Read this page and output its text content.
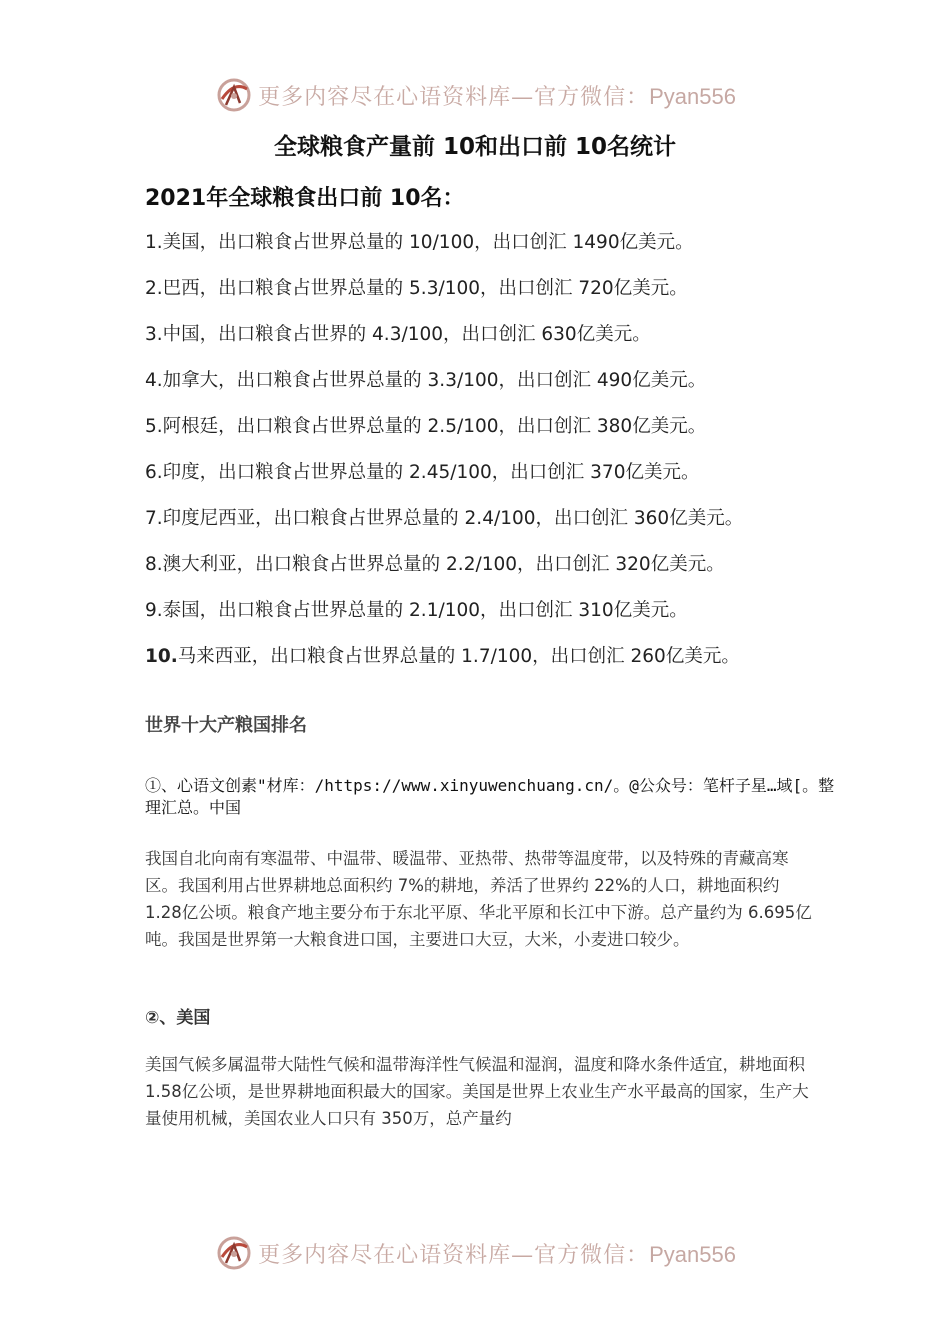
更多内容尽在心语资料库—官方微信：Pyan556
全球粮食产量前 10和出口前 10名统计
2021年全球粮食出口前 10名：
1.美国，出口粮食占世界总量的 10/100，出口创汇 1490亿美元。
2.巴西，出口粮食占世界总量的 5.3/100，出口创汇 720亿美元。
3.中国，出口粮食占世界的 4.3/100，出口创汇 630亿美元。
4.加拿大，出口粮食占世界总量的 3.3/100，出口创汇 490亿美元。
5.阿根廷，出口粮食占世界总量的 2.5/100，出口创汇 380亿美元。
6.印度，出口粮食占世界总量的 2.45/100，出口创汇 370亿美元。
7.印度尼西亚，出口粮食占世界总量的 2.4/100，出口创汇 360亿美元。
8.澳大利亚，出口粮食占世界总量的 2.2/100，出口创汇 320亿美元。
9.泰国，出口粮食占世界总量的 2.1/100，出口创汇 310亿美元。
10.马来西亚，出口粮食占世界总量的 1.7/100，出口创汇 260亿美元。
世界十大产粮国排名
①、心语文创素"材库：/https://www.xinyuwenchuang.cn/。@公众号：笔杆子星…域[。整理汇总。中国

我国自北向南有寒温带、中温带、暖温带、亚热带、热带等温度带，以及特殊的青藏高寒区。我国利用占世界耕地总面积约 7%的耕地，养活了世界约 22%的人口，耕地面积约 1.28亿公顷。粮食产地主要分布于东北平原、华北平原和长江中下游。总产量约为 6.695亿吨。我国是世界第一大粮食进口国，主要进口大豆，大米，小麦进口较少。

②、美国

美国气候多属温带大陆性气候和温带海洋性气候温和湿润，温度和降水条件适宜，耕地面积 1.58亿公顷，是世界耕地面积最大的国家。美国是世界上农业生产水平最高的国家，生产大量使用机械，美国农业人口只有 350万，总产量约

更多内容尽在心语资料库—官方微信：Pyan556
